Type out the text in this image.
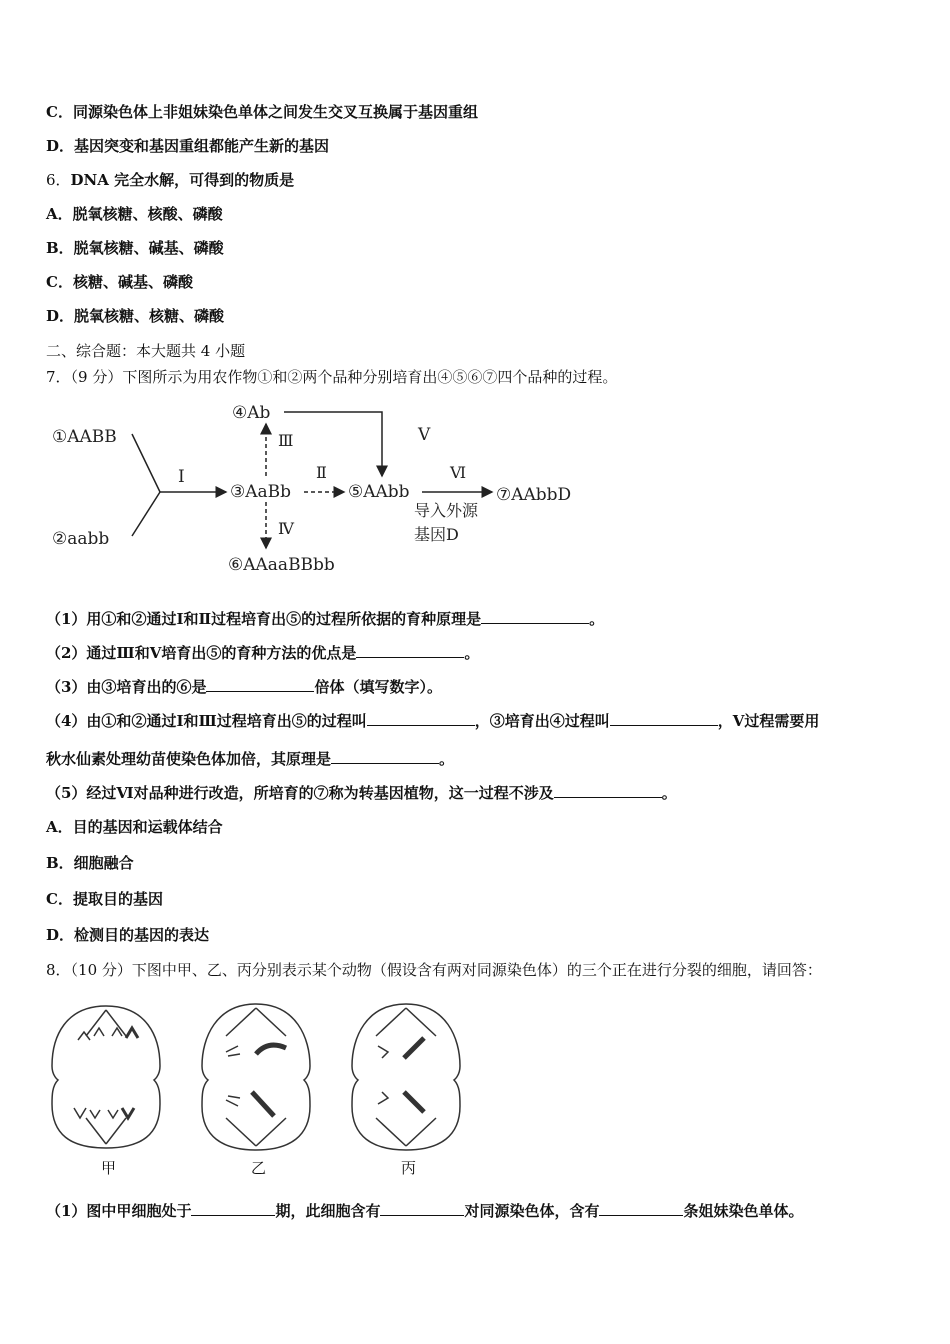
C．同源染色体上非姐妹染色单体之间发生交叉互换属于基因重组
D．基因突变和基因重组都能产生新的基因
6．DNA 完全水解，可得到的物质是
A．脱氧核糖、核酸、磷酸
B．脱氧核糖、碱基、磷酸
C．核糖、碱基、磷酸
D．脱氧核糖、核糖、磷酸
二、综合题：本大题共 4 小题
7．（9 分）下图所示为用农作物①和②两个品种分别培育出④⑤⑥⑦四个品种的过程。
①AABB
②aabb
③AaBb
④Ab
⑤AAbb
⑥AAaaBBbb
⑦AAbbD
Ⅰ
Ⅲ
Ⅳ
Ⅱ
Ⅴ
Ⅵ
导入外源
基因D
（1）用①和②通过Ⅰ和Ⅱ过程培育出⑤的过程所依据的育种原理是	。
（2）通过Ⅲ和Ⅴ培育出⑤的育种方法的优点是	。
（3）由③培育出的⑥是	倍体（填写数字）。
（4）由①和②通过Ⅰ和Ⅲ过程培育出⑤的过程叫	，③培育出④过程叫	，Ⅴ过程需要用
秋水仙素处理幼苗使染色体加倍，其原理是	。
（5）经过Ⅵ对品种进行改造，所培育的⑦称为转基因植物，这一过程不涉及	。
A．目的基因和运载体结合
B．细胞融合
C．提取目的基因
D．检测目的基因的表达
8．（10 分）下图中甲、乙、丙分别表示某个动物（假设含有两对同源染色体）的三个正在进行分裂的细胞，请回答：
甲	乙	丙
（1）图中甲细胞处于	期，此细胞含有	对同源染色体，含有	条姐妹染色单体。
